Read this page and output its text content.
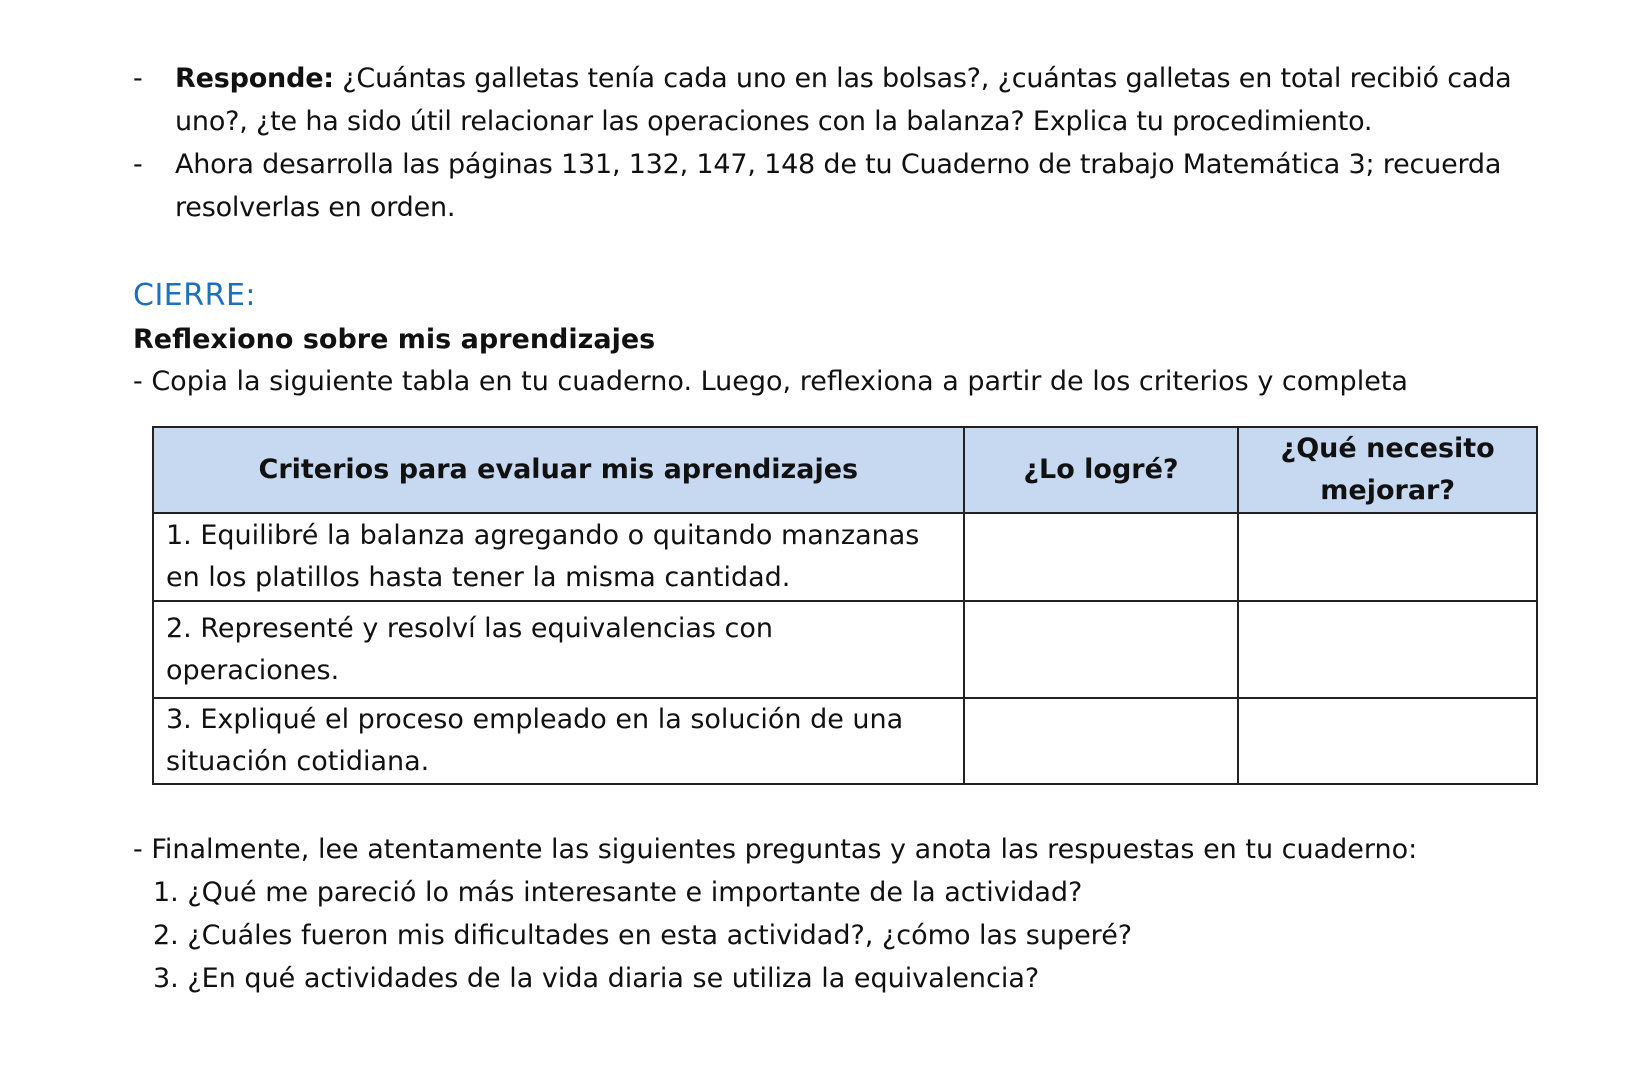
-	Responde: ¿Cuántas galletas tenía cada uno en las bolsas?, ¿cuántas galletas en total recibió cada uno?, ¿te ha sido útil relacionar las operaciones con la balanza? Explica tu procedimiento.
-	Ahora desarrolla las páginas 131, 132, 147, 148 de tu Cuaderno de trabajo Matemática 3; recuerda resolverlas en orden.
CIERRE:
Reflexiono sobre mis aprendizajes
- Copia la siguiente tabla en tu cuaderno. Luego, reflexiona a partir de los criterios y completa
Criterios para evaluar mis aprendizajes	¿Lo logré?	¿Qué necesito mejorar?
1. Equilibré la balanza agregando o quitando manzanas en los platillos hasta tener la misma cantidad.		
2. Representé y resolví las equivalencias con operaciones.		
3. Expliqué el proceso empleado en la solución de una situación cotidiana.		
- Finalmente, lee atentamente las siguientes preguntas y anota las respuestas en tu cuaderno:
1. ¿Qué me pareció lo más interesante e importante de la actividad?
2. ¿Cuáles fueron mis dificultades en esta actividad?, ¿cómo las superé?
3. ¿En qué actividades de la vida diaria se utiliza la equivalencia?
